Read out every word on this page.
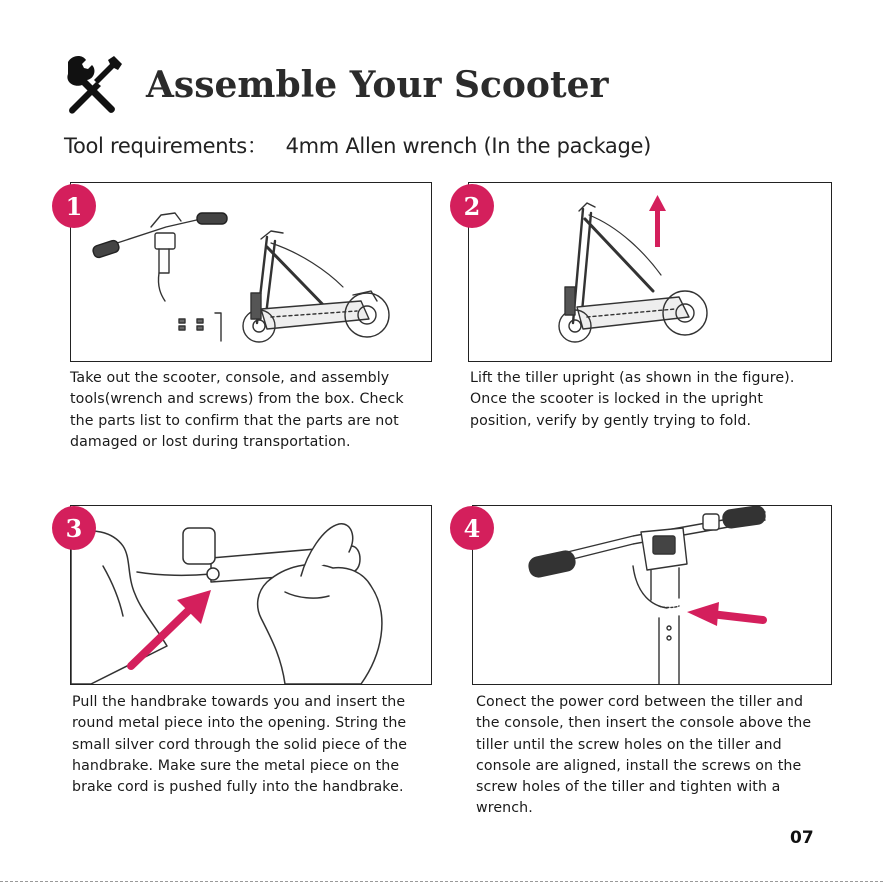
Assemble Your Scooter
Tool requirements： 4mm Allen wrench (In the package)
1

Take out the scooter, console, and assembly

tools(wrench and screws) from the box. Check

the parts list to confirm that the parts are not

damaged or lost during transportation.

2

Lift the tiller upright (as shown in the figure).

Once the scooter is locked in the upright

position, verify by gently trying to fold.

3

Pull the handbrake towards you and insert the

round metal piece into the opening. String the

small silver cord through the solid piece of the

handbrake. Make sure the metal piece on the

brake cord is pushed fully into the handbrake.

4

Conect the power cord between the tiller and

the console, then insert the console above the

tiller until the screw holes on the tiller and

console are aligned, install the screws on the

screw holes of the tiller and tighten with a

wrench.

07
